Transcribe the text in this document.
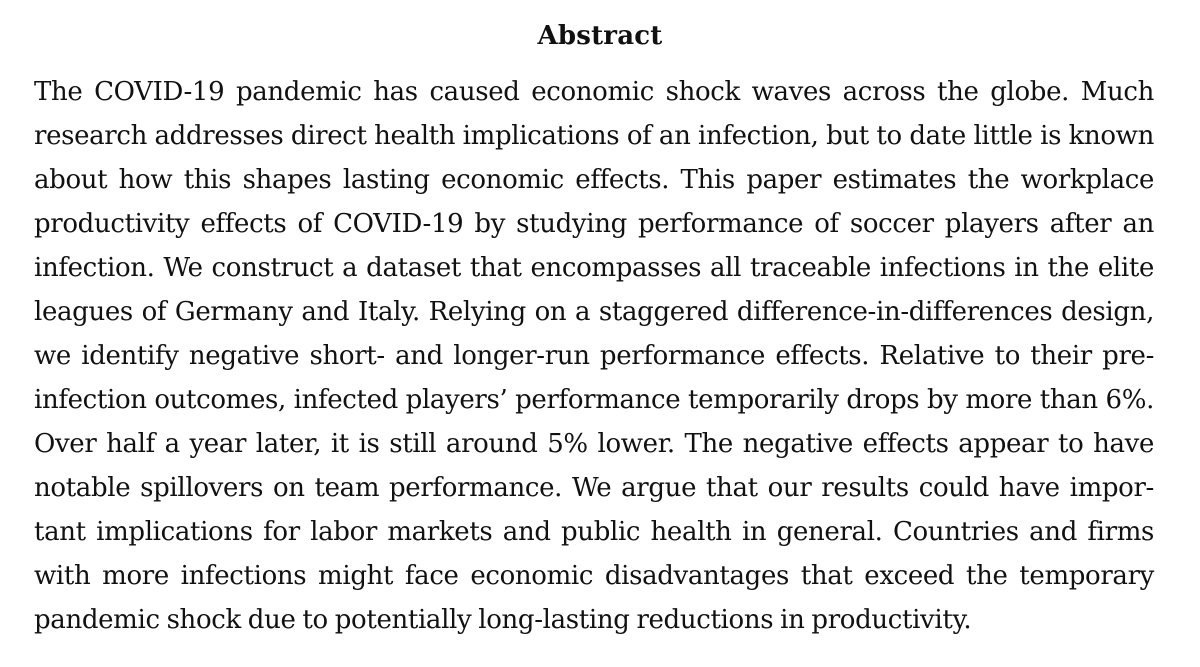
Abstract
The COVID-19 pandemic has caused economic shock waves across the globe. Much
research addresses direct health implications of an infection, but to date little is known
about how this shapes lasting economic effects. This paper estimates the workplace
productivity effects of COVID-19 by studying performance of soccer players after an
infection. We construct a dataset that encompasses all traceable infections in the elite
leagues of Germany and Italy. Relying on a staggered difference-in-differences design,
we identify negative short- and longer-run performance effects. Relative to their pre-
infection outcomes, infected players’ performance temporarily drops by more than 6%.
Over half a year later, it is still around 5% lower. The negative effects appear to have
notable spillovers on team performance. We argue that our results could have impor-
tant implications for labor markets and public health in general. Countries and firms
with more infections might face economic disadvantages that exceed the temporary
pandemic shock due to potentially long-lasting reductions in productivity.
